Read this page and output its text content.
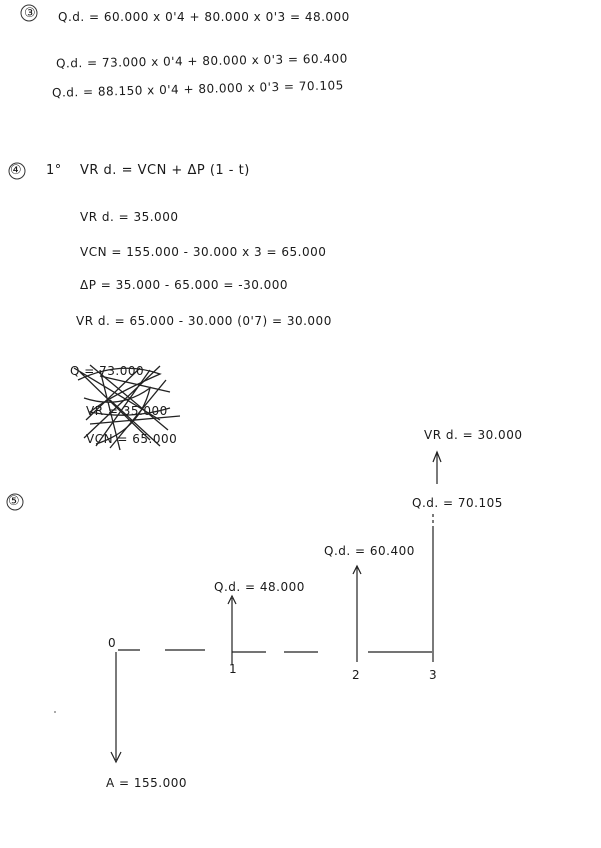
③ Q.d. = 60.000 x 0'4 + 80.000 x 0'3 = 48.000
Q.d. = 73.000 x 0'4 + 80.000 x 0'3 = 60.400
Q.d. = 88.150 x 0'4 + 80.000 x 0'3 = 70.105
④ 1° VR d. = VCN + ΔP (1 - t)
VR d. = 35.000
VCN = 155.000 - 30.000 x 3 = 65.000
ΔP = 35.000 - 65.000 = -30.000
VR d. = 65.000 - 30.000 (0'7) = 30.000
Q = 73.000
VR = 35.000
VCN = 65.000
⑤
VR d. = 30.000
Q.d. = 70.105
Q.d. = 60.400
Q.d. = 48.000
0
1	2	3
A = 155.000
